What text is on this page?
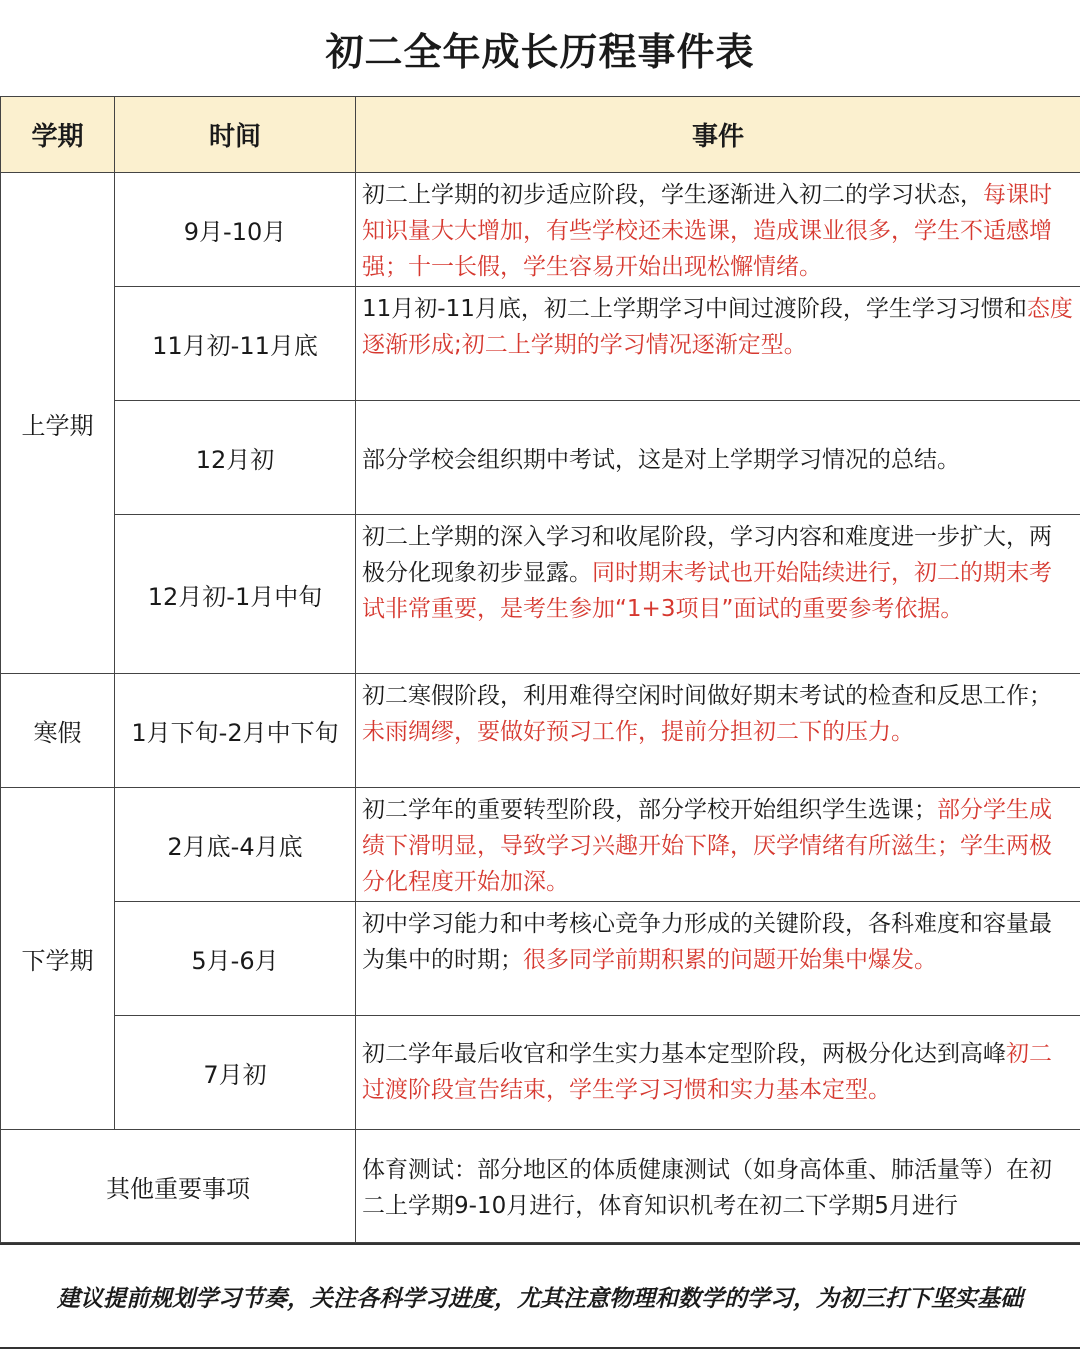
初二全年成长历程事件表
学期	时间	事件
上学期	9月-10月	初二上学期的初步适应阶段，学生逐渐进入初二的学习状态，每课时知识量大大增加，有些学校还未选课，造成课业很多，学生不适感增强；十一长假，学生容易开始出现松懈情绪。
	11月初-11月底	11月初-11月底，初二上学期学习中间过渡阶段，学生学习习惯和态度逐渐形成;初二上学期的学习情况逐渐定型。
	12月初	部分学校会组织期中考试，这是对上学期学习情况的总结。
	12月初-1月中旬	初二上学期的深入学习和收尾阶段，学习内容和难度进一步扩大，两极分化现象初步显露。同时期末考试也开始陆续进行，初二的期末考试非常重要，是考生参加“1+3项目”面试的重要参考依据。
寒假	1月下旬-2月中下旬	初二寒假阶段，利用难得空闲时间做好期末考试的检查和反思工作；未雨绸缪，要做好预习工作，提前分担初二下的压力。
下学期	2月底-4月底	初二学年的重要转型阶段，部分学校开始组织学生选课；部分学生成绩下滑明显，导致学习兴趣开始下降，厌学情绪有所滋生；学生两极分化程度开始加深。
	5月-6月	初中学习能力和中考核心竞争力形成的关键阶段，各科难度和容量最为集中的时期；很多同学前期积累的问题开始集中爆发。
	7月初	初二学年最后收官和学生实力基本定型阶段，两极分化达到高峰初二过渡阶段宣告结束，学生学习习惯和实力基本定型。
其他重要事项		体育测试：部分地区的体质健康测试（如身高体重、肺活量等）在初二上学期9-10月进行，体育知识机考在初二下学期5月进行
建议提前规划学习节奏，关注各科学习进度，尤其注意物理和数学的学习，为初三打下坚实基础
